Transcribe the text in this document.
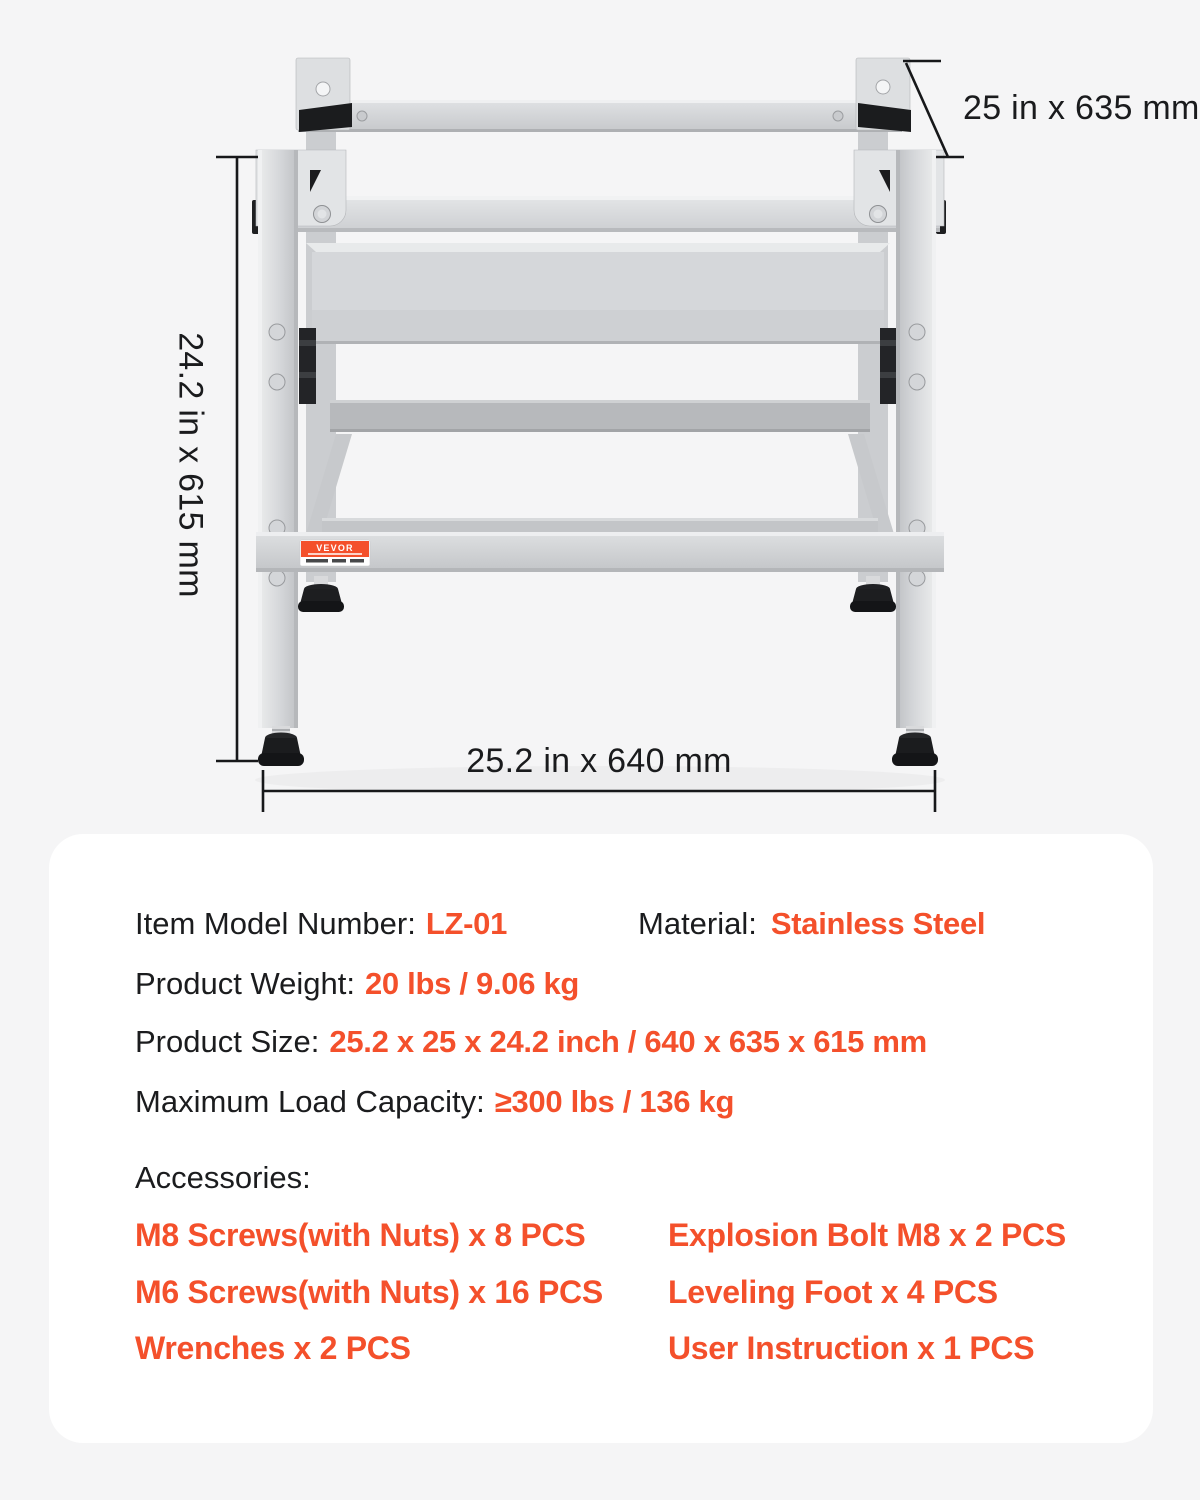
VEVOR
25 in x 635 mm
24.2 in x 615 mm
25.2 in x 640 mm
Item Model Number: LZ-01	Material: Stainless Steel
Product Weight: 20 lbs / 9.06 kg
Product Size: 25.2 x 25 x 24.2 inch / 640 x 635 x 615 mm
Maximum Load Capacity: ≥300 lbs / 136 kg
Accessories:
M8 Screws(with Nuts) x 8 PCS
M6 Screws(with Nuts) x 16 PCS
Wrenches x 2 PCS
Explosion Bolt M8 x 2 PCS
Leveling Foot x 4 PCS
User Instruction x 1 PCS
